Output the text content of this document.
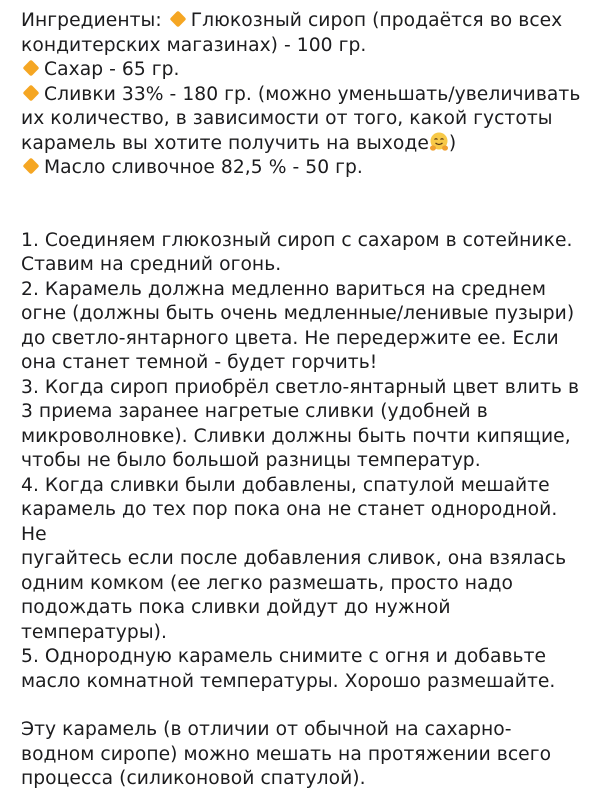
Ингредиенты: Глюкозный сироп (продаётся во всех

кондитерских магазинах) - 100 гр.

Сахар - 65 гр.

Сливки 33% - 180 гр. (можно уменьшать/увеличивать

их количество, в зависимости от того, какой густоты

карамель вы хотите получить на выходе )

Масло сливочное 82,5 % - 50 гр.

1. Соединяем глюкозный сироп с сахаром в сотейнике.

Ставим на средний огонь.

2. Карамель должна медленно вариться на среднем

огне (должны быть очень медленные/ленивые пузыри)

до светло-янтарного цвета. Не передержите ее. Если

она станет темной - будет горчить!

3. Когда сироп приобрёл светло-янтарный цвет влить в

3 приема заранее нагретые сливки (удобней в

микроволновке). Сливки должны быть почти кипящие,

чтобы не было большой разницы температур.

4. Когда сливки были добавлены, спатулой мешайте

карамель до тех пор пока она не станет однородной. Не

пугайтесь если после добавления сливок, она взялась

одним комком (ее легко размешать, просто надо

подождать пока сливки дойдут до нужной

температуры).

5. Однородную карамель снимите с огня и добавьте

масло комнатной температуры. Хорошо размешайте.

Эту карамель (в отличии от обычной на сахарно-

водном сиропе) можно мешать на протяжении всего

процесса (силиконовой спатулой).
